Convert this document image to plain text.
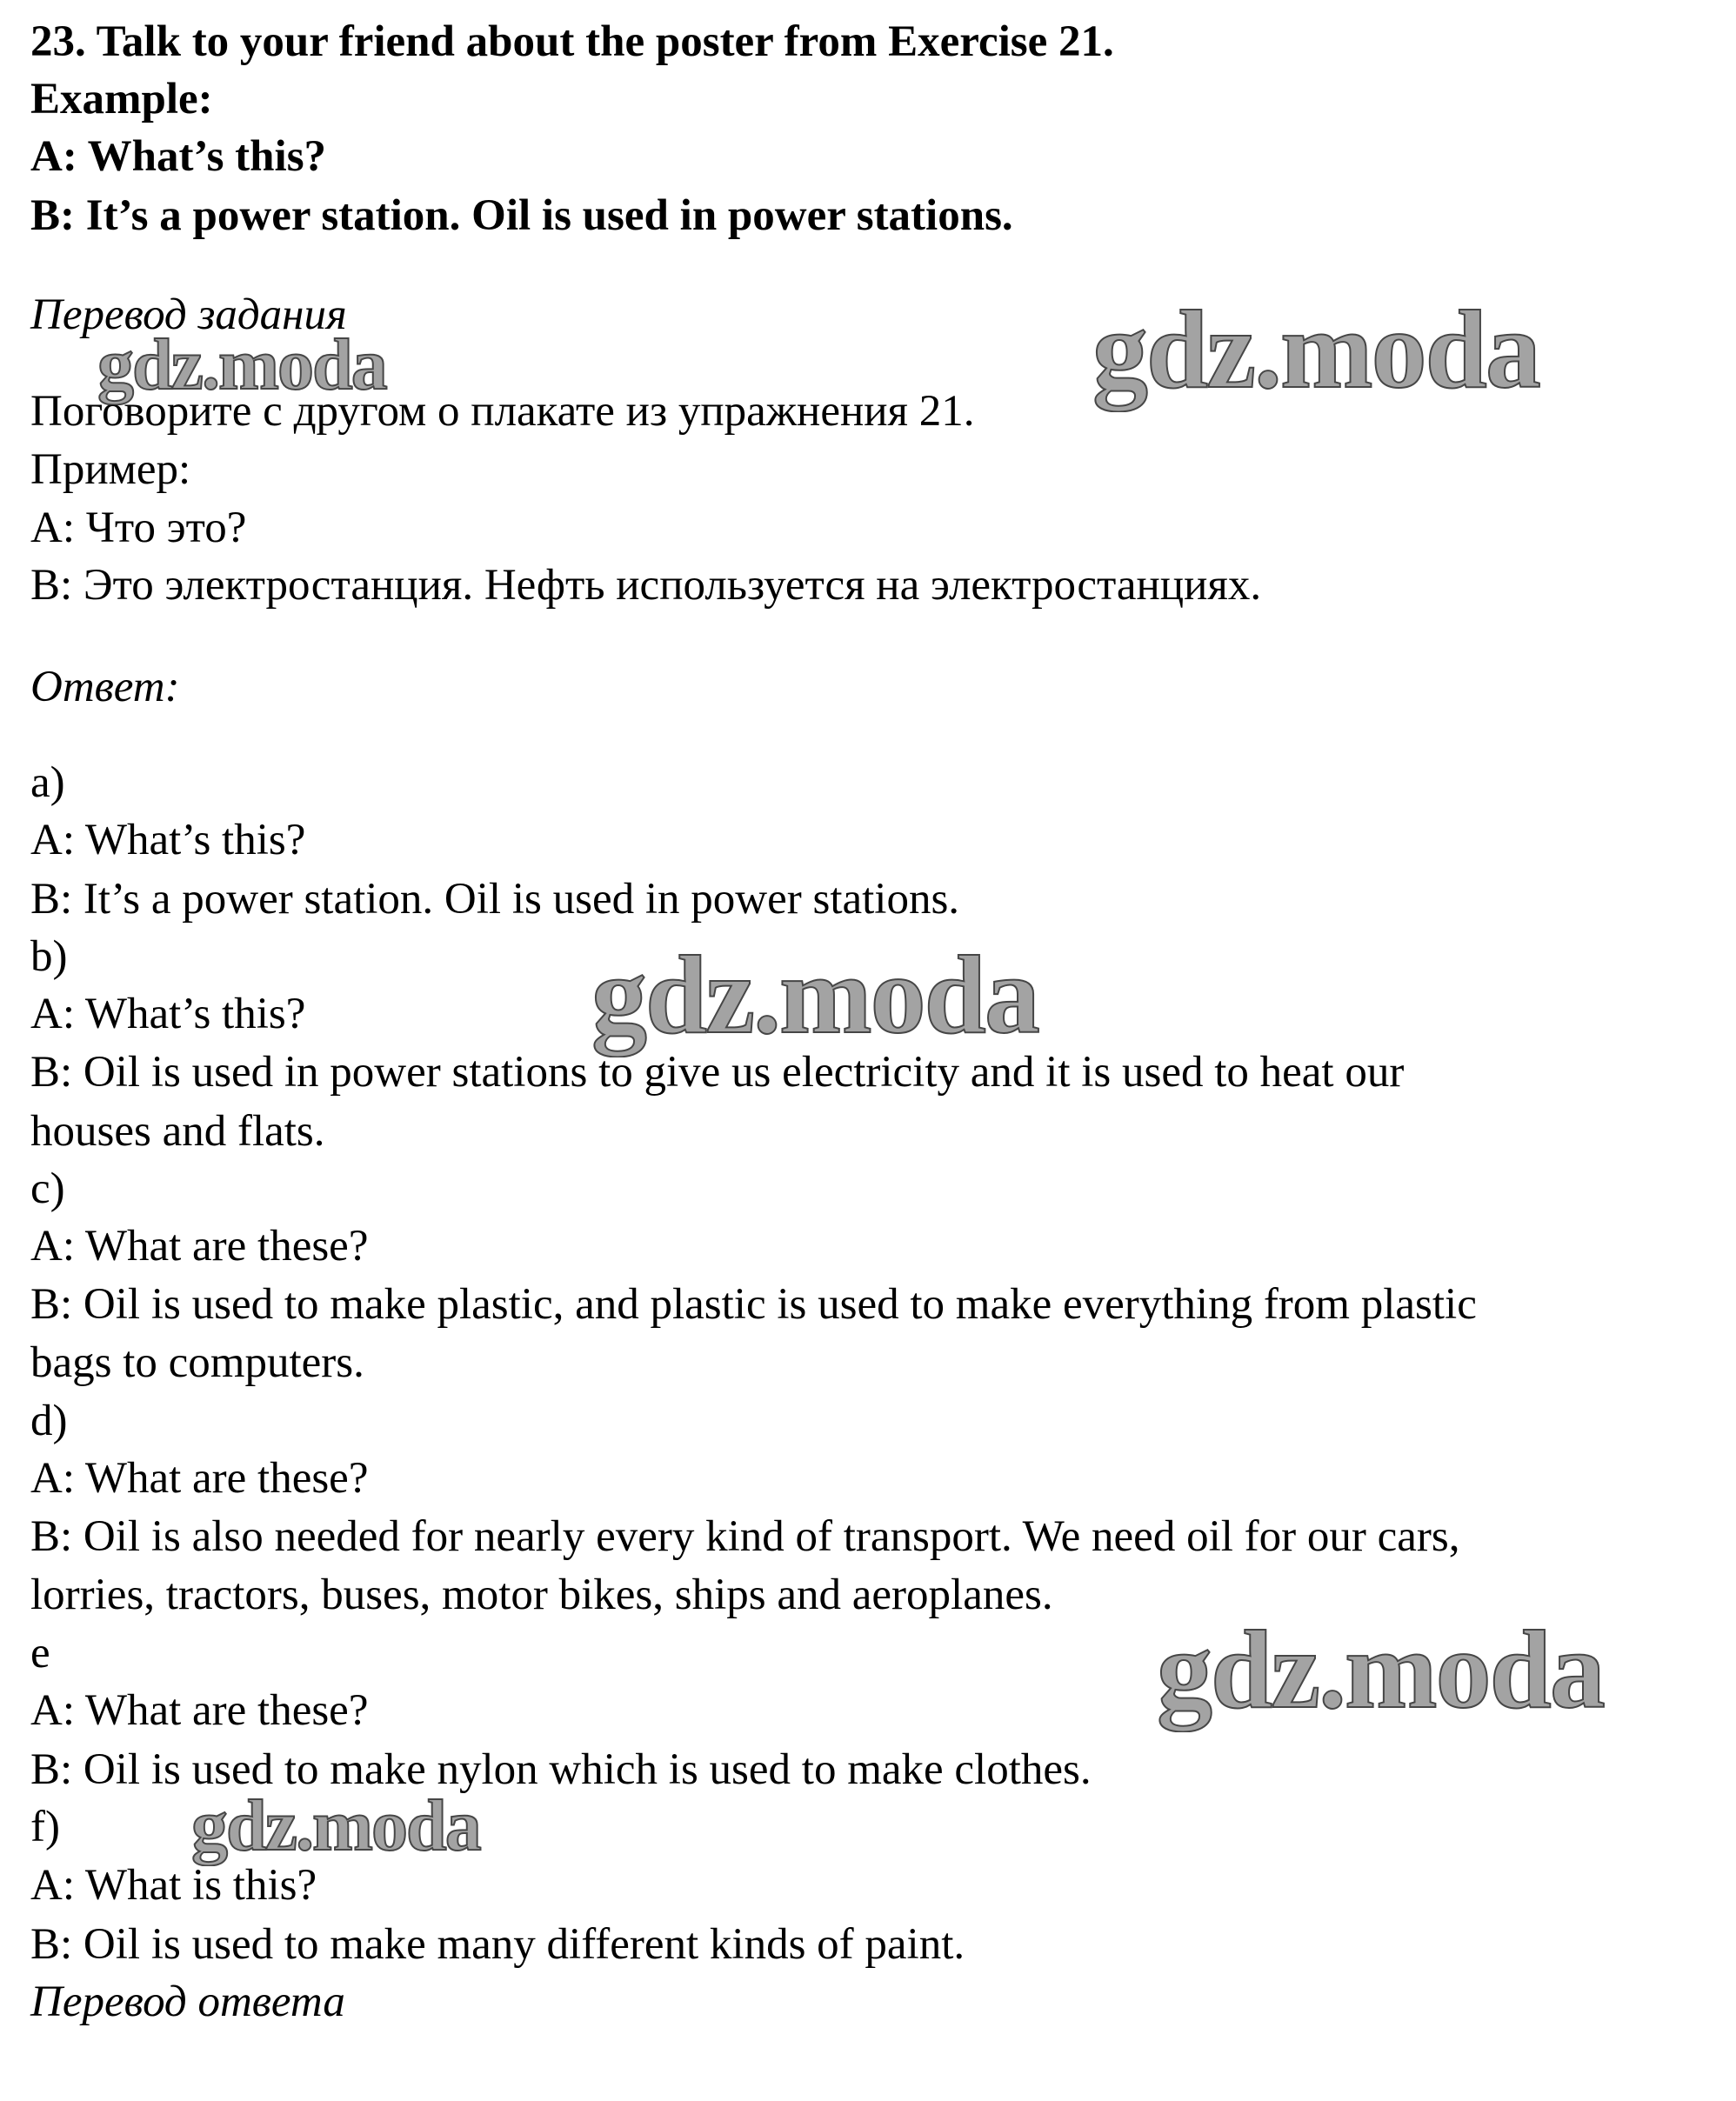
23. Talk to your friend about the poster from Exercise 21.
Example:
A: What’s this?
B: It’s a power station. Oil is used in power stations.
Перевод задания
Поговорите с другом о плакате из упражнения 21.
Пример:
A: Что это?
B: Это электростанция. Нефть используется на электростанциях.
Ответ:
a)
A: What’s this?
B: It’s a power station. Oil is used in power stations.
b)
A: What’s this?
B: Oil is used in power stations to give us electricity and it is used to heat our
houses and flats.
c)
A: What are these?
B: Oil is used to make plastic, and plastic is used to make everything from plastic
bags to computers.
d)
A: What are these?
B: Oil is also needed for nearly every kind of transport. We need oil for our cars,
lorries, tractors, buses, motor bikes, ships and aeroplanes.
e
A: What are these?
B: Oil is used to make nylon which is used to make clothes.
f)
A: What is this?
B: Oil is used to make many different kinds of paint.
Перевод ответа
gdz.moda	gdz.moda
gdz.moda
gdz.moda
gdz.moda
